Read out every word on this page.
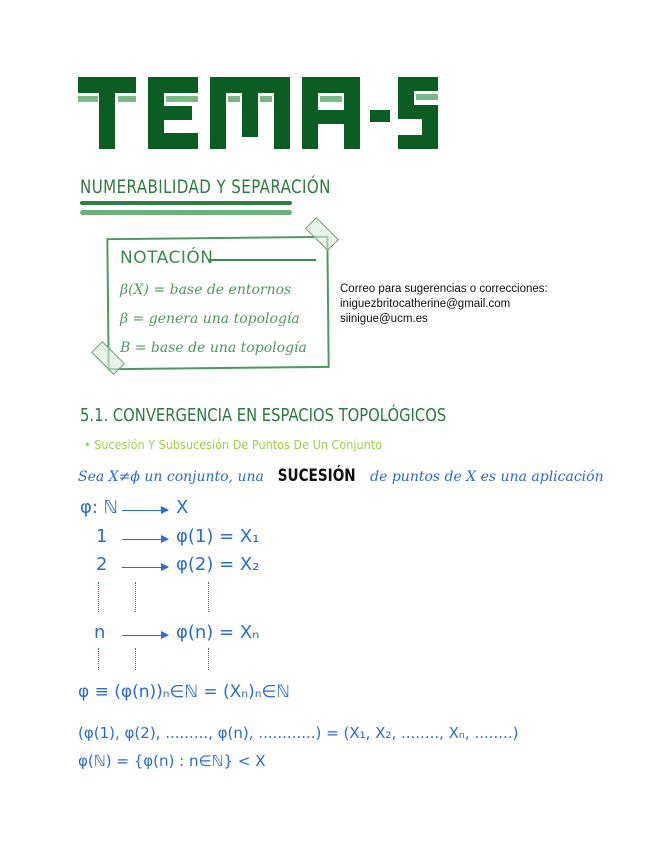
TEMA-5
NUMERABILIDAD Y SEPARACIÓN
NOTACIÓN
β(X) = base de entornos
β = genera una topología
B = base de una topología
Correo para sugerencias o correcciones:
iniguezbritocatherine@gmail.com
siinigue@ucm.es
5.1. CONVERGENCIA EN ESPACIOS TOPOLÓGICOS
• Sucesión Y Subsucesión De Puntos De Un Conjunto
Sea X≠ϕ un conjunto, una SUCESIÓN de puntos de X es una aplicación
φ: ℕ	X
1	φ(1) = X₁
2	φ(2) = X₂
n	φ(n) = Xₙ
φ ≡ (φ(n))ₙ∈ℕ = (Xₙ)ₙ∈ℕ
(φ(1), φ(2), ........., φ(n), ............) = (X₁, X₂, ........, Xₙ, ........)
φ(ℕ) = {φ(n) : n∈ℕ} < X
